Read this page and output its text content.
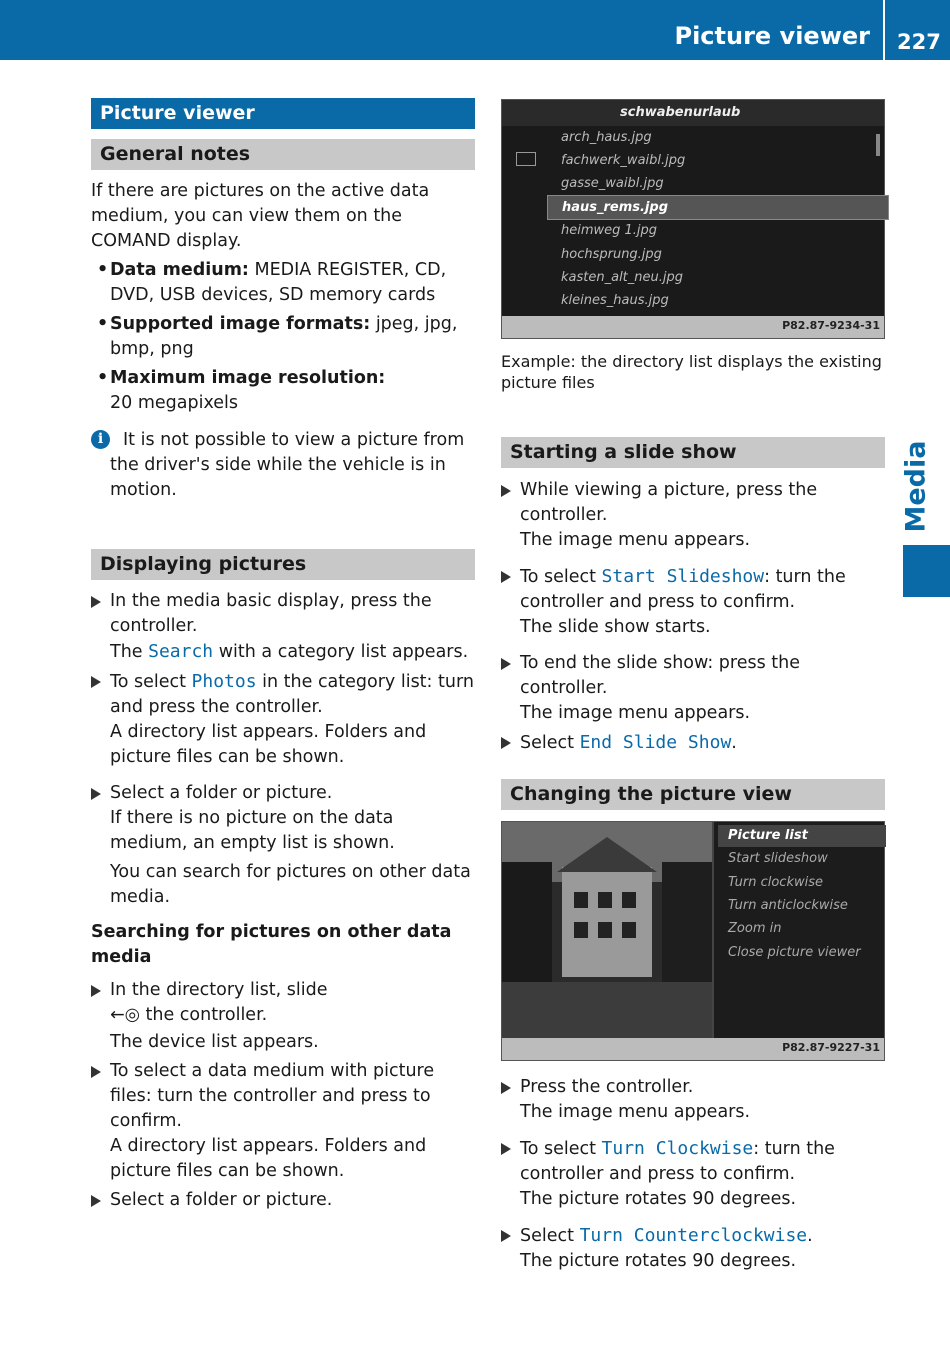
Picture viewer 227
Media
Picture viewer
General notes

If there are pictures on the active data medium, you can view them on the COMAND display.

• Data medium: MEDIA REGISTER, CD, DVD, USB devices, SD memory cards
• Supported image formats: jpeg, jpg, bmp, png
• Maximum image resolution:
20 megapixels
i	It is not possible to view a picture from the driver's side while the vehicle is in motion.
Displaying pictures

In the media basic display, press the controller.

The Search with a category list appears.

To select Photos in the category list: turn and press the controller.

A directory list appears. Folders and picture files can be shown.

Select a folder or picture.

If there is no picture on the data medium, an empty list is shown.

You can search for pictures on other data media.

Searching for pictures on other data media

In the directory list, slide

←◎ the controller.

The device list appears.

To select a data medium with picture files: turn the controller and press to confirm.

A directory list appears. Folders and picture files can be shown.

Select a folder or picture.

schwabenurlaub
arch_haus.jpg
fachwerk_waibl.jpg
gasse_waibl.jpg
haus_rems.jpg
heimweg 1.jpg
hochsprung.jpg
kasten_alt_neu.jpg
kleines_haus.jpg
P82.87-9234-31
Example: the directory list displays the existing picture files
Starting a slide show

While viewing a picture, press the controller.

The image menu appears.

To select Start Slideshow: turn the controller and press to confirm.

The slide show starts.

To end the slide show: press the controller.

The image menu appears.

Select End Slide Show.

Changing the picture view
Picture list
Start slideshow
Turn clockwise
Turn anticlockwise
Zoom in
Close picture viewer
P82.87-9227-31

Press the controller.

The image menu appears.

To select Turn Clockwise: turn the controller and press to confirm.

The picture rotates 90 degrees.

Select Turn Counterclockwise.

The picture rotates 90 degrees.
